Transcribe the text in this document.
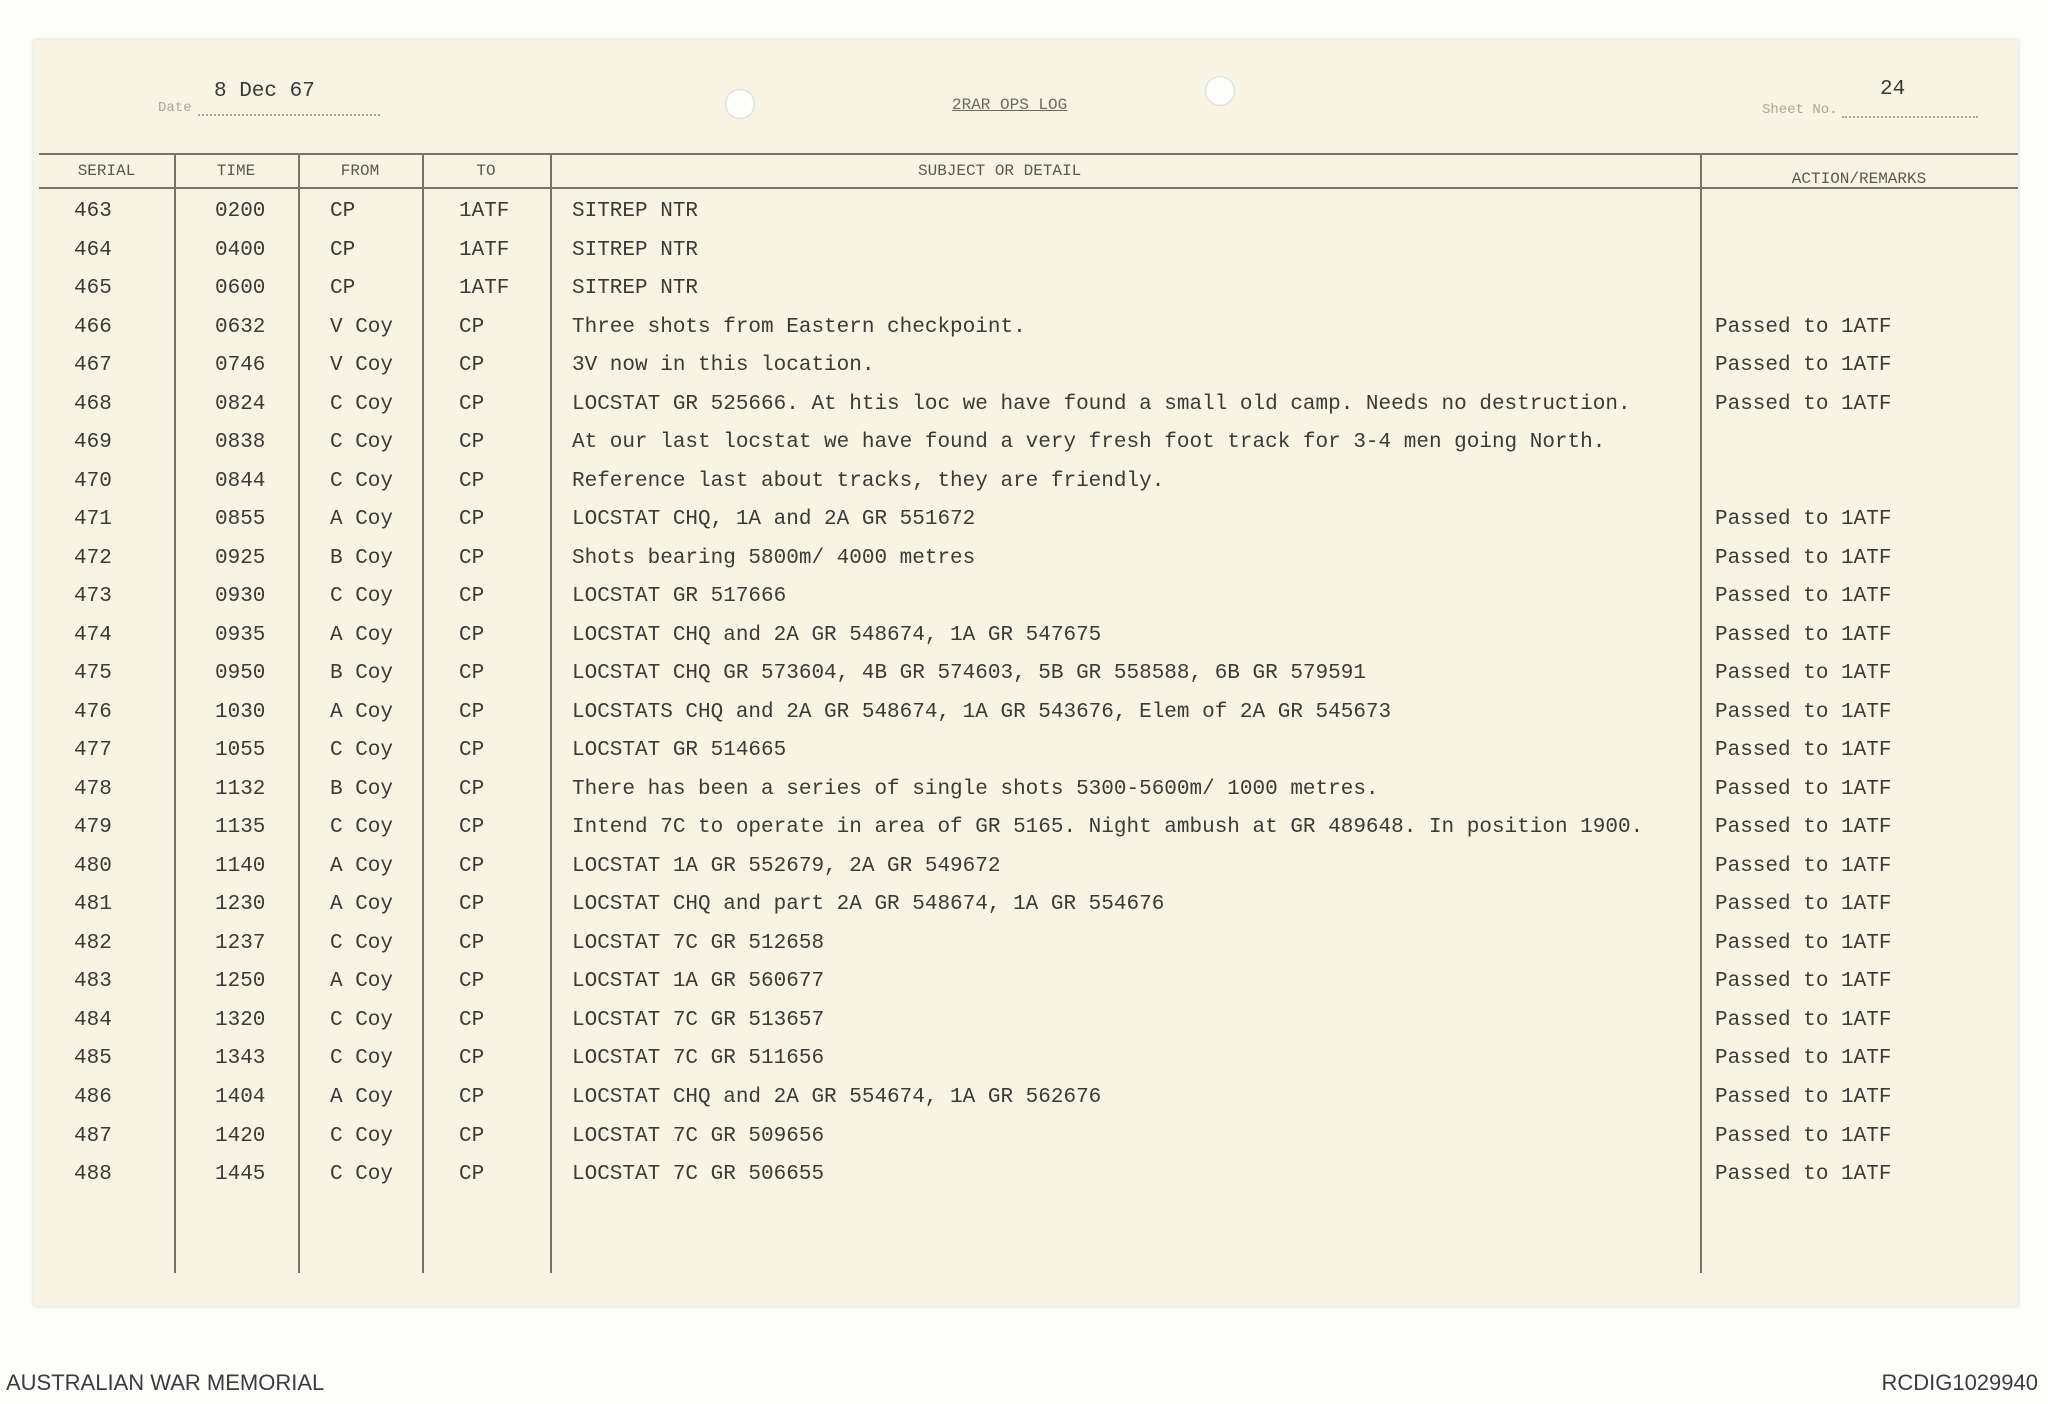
Date
8 Dec 67
2RAR OPS LOG	Sheet No.
24
SERIAL	TIME	FROM	TO	SUBJECT OR DETAIL	ACTION/REMARKS
463	0200	CP	1ATF	SITREP NTR
464	0400	CP	1ATF	SITREP NTR
465	0600	CP	1ATF	SITREP NTR
466	0632	V Coy	CP	Three shots from Eastern checkpoint.	Passed to 1ATF
467	0746	V Coy	CP	3V now in this location.	Passed to 1ATF
468	0824	C Coy	CP	LOCSTAT GR 525666. At htis loc we have found a small old camp. Needs no destruction.	Passed to 1ATF
469	0838	C Coy	CP	At our last locstat we have found a very fresh foot track for 3-4 men going North.
470	0844	C Coy	CP	Reference last about tracks, they are friendly.
471	0855	A Coy	CP	LOCSTAT CHQ, 1A and 2A GR 551672	Passed to 1ATF
472	0925	B Coy	CP	Shots bearing 5800m/ 4000 metres	Passed to 1ATF
473	0930	C Coy	CP	LOCSTAT GR 517666	Passed to 1ATF
474	0935	A Coy	CP	LOCSTAT CHQ and 2A GR 548674, 1A GR 547675	Passed to 1ATF
475	0950	B Coy	CP	LOCSTAT CHQ GR 573604, 4B GR 574603, 5B GR 558588, 6B GR 579591	Passed to 1ATF
476	1030	A Coy	CP	LOCSTATS CHQ and 2A GR 548674, 1A GR 543676, Elem of 2A GR 545673	Passed to 1ATF
477	1055	C Coy	CP	LOCSTAT GR 514665	Passed to 1ATF
478	1132	B Coy	CP	There has been a series of single shots 5300-5600m/ 1000 metres.	Passed to 1ATF
479	1135	C Coy	CP	Intend 7C to operate in area of GR 5165. Night ambush at GR 489648. In position 1900.	Passed to 1ATF
480	1140	A Coy	CP	LOCSTAT 1A GR 552679, 2A GR 549672	Passed to 1ATF
481	1230	A Coy	CP	LOCSTAT CHQ and part 2A GR 548674, 1A GR 554676	Passed to 1ATF
482	1237	C Coy	CP	LOCSTAT 7C GR 512658	Passed to 1ATF
483	1250	A Coy	CP	LOCSTAT 1A GR 560677	Passed to 1ATF
484	1320	C Coy	CP	LOCSTAT 7C GR 513657	Passed to 1ATF
485	1343	C Coy	CP	LOCSTAT 7C GR 511656	Passed to 1ATF
486	1404	A Coy	CP	LOCSTAT CHQ and 2A GR 554674, 1A GR 562676	Passed to 1ATF
487	1420	C Coy	CP	LOCSTAT 7C GR 509656	Passed to 1ATF
488	1445	C Coy	CP	LOCSTAT 7C GR 506655	Passed to 1ATF
AUSTRALIAN WAR MEMORIAL	RCDIG1029940
